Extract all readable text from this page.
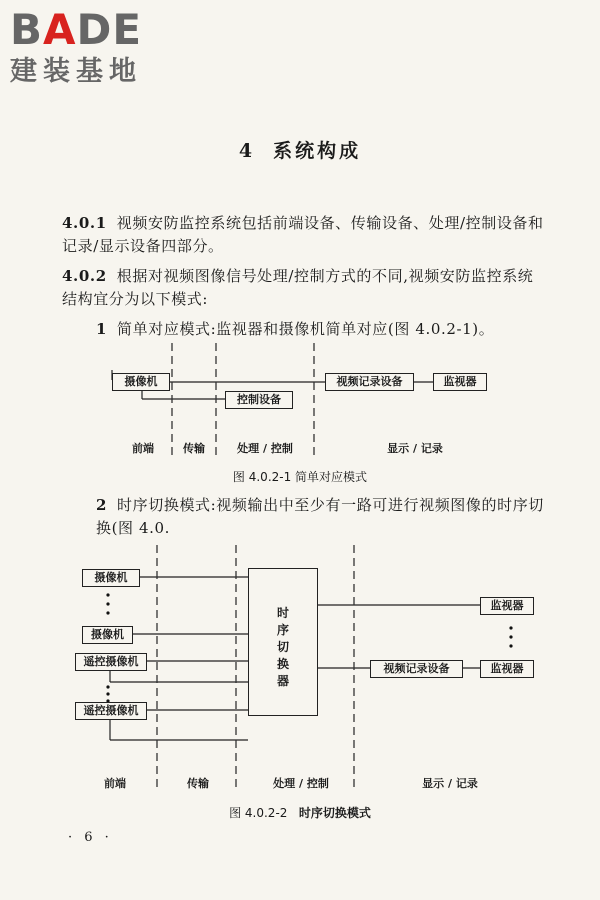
BADE
建装基地
4 系统构成
4.0.1 视频安防监控系统包括前端设备、传输设备、处理/控制设备和记录/显示设备四部分。
4.0.2 根据对视频图像信号处理/控制方式的不同,视频安防监控系统结构宜分为以下模式:
1 简单对应模式:监视器和摄像机简单对应(图 4.0.2-1)。
摄像机
控制设备
视频记录设备	监视器
前端	传输	处理 / 控制	显示 / 记录
图 4.0.2-1 简单对应模式
2 时序切换模式:视频输出中至少有一路可进行视频图像的时序切换(图 4.0.
摄像机
摄像机
遥控摄像机
遥控摄像机
时序切换器
视频记录设备
监视器
监视器
前端	传输	处理 / 控制	显示 / 记录
图 4.0.2-2 时序切换模式
· 6 ·
